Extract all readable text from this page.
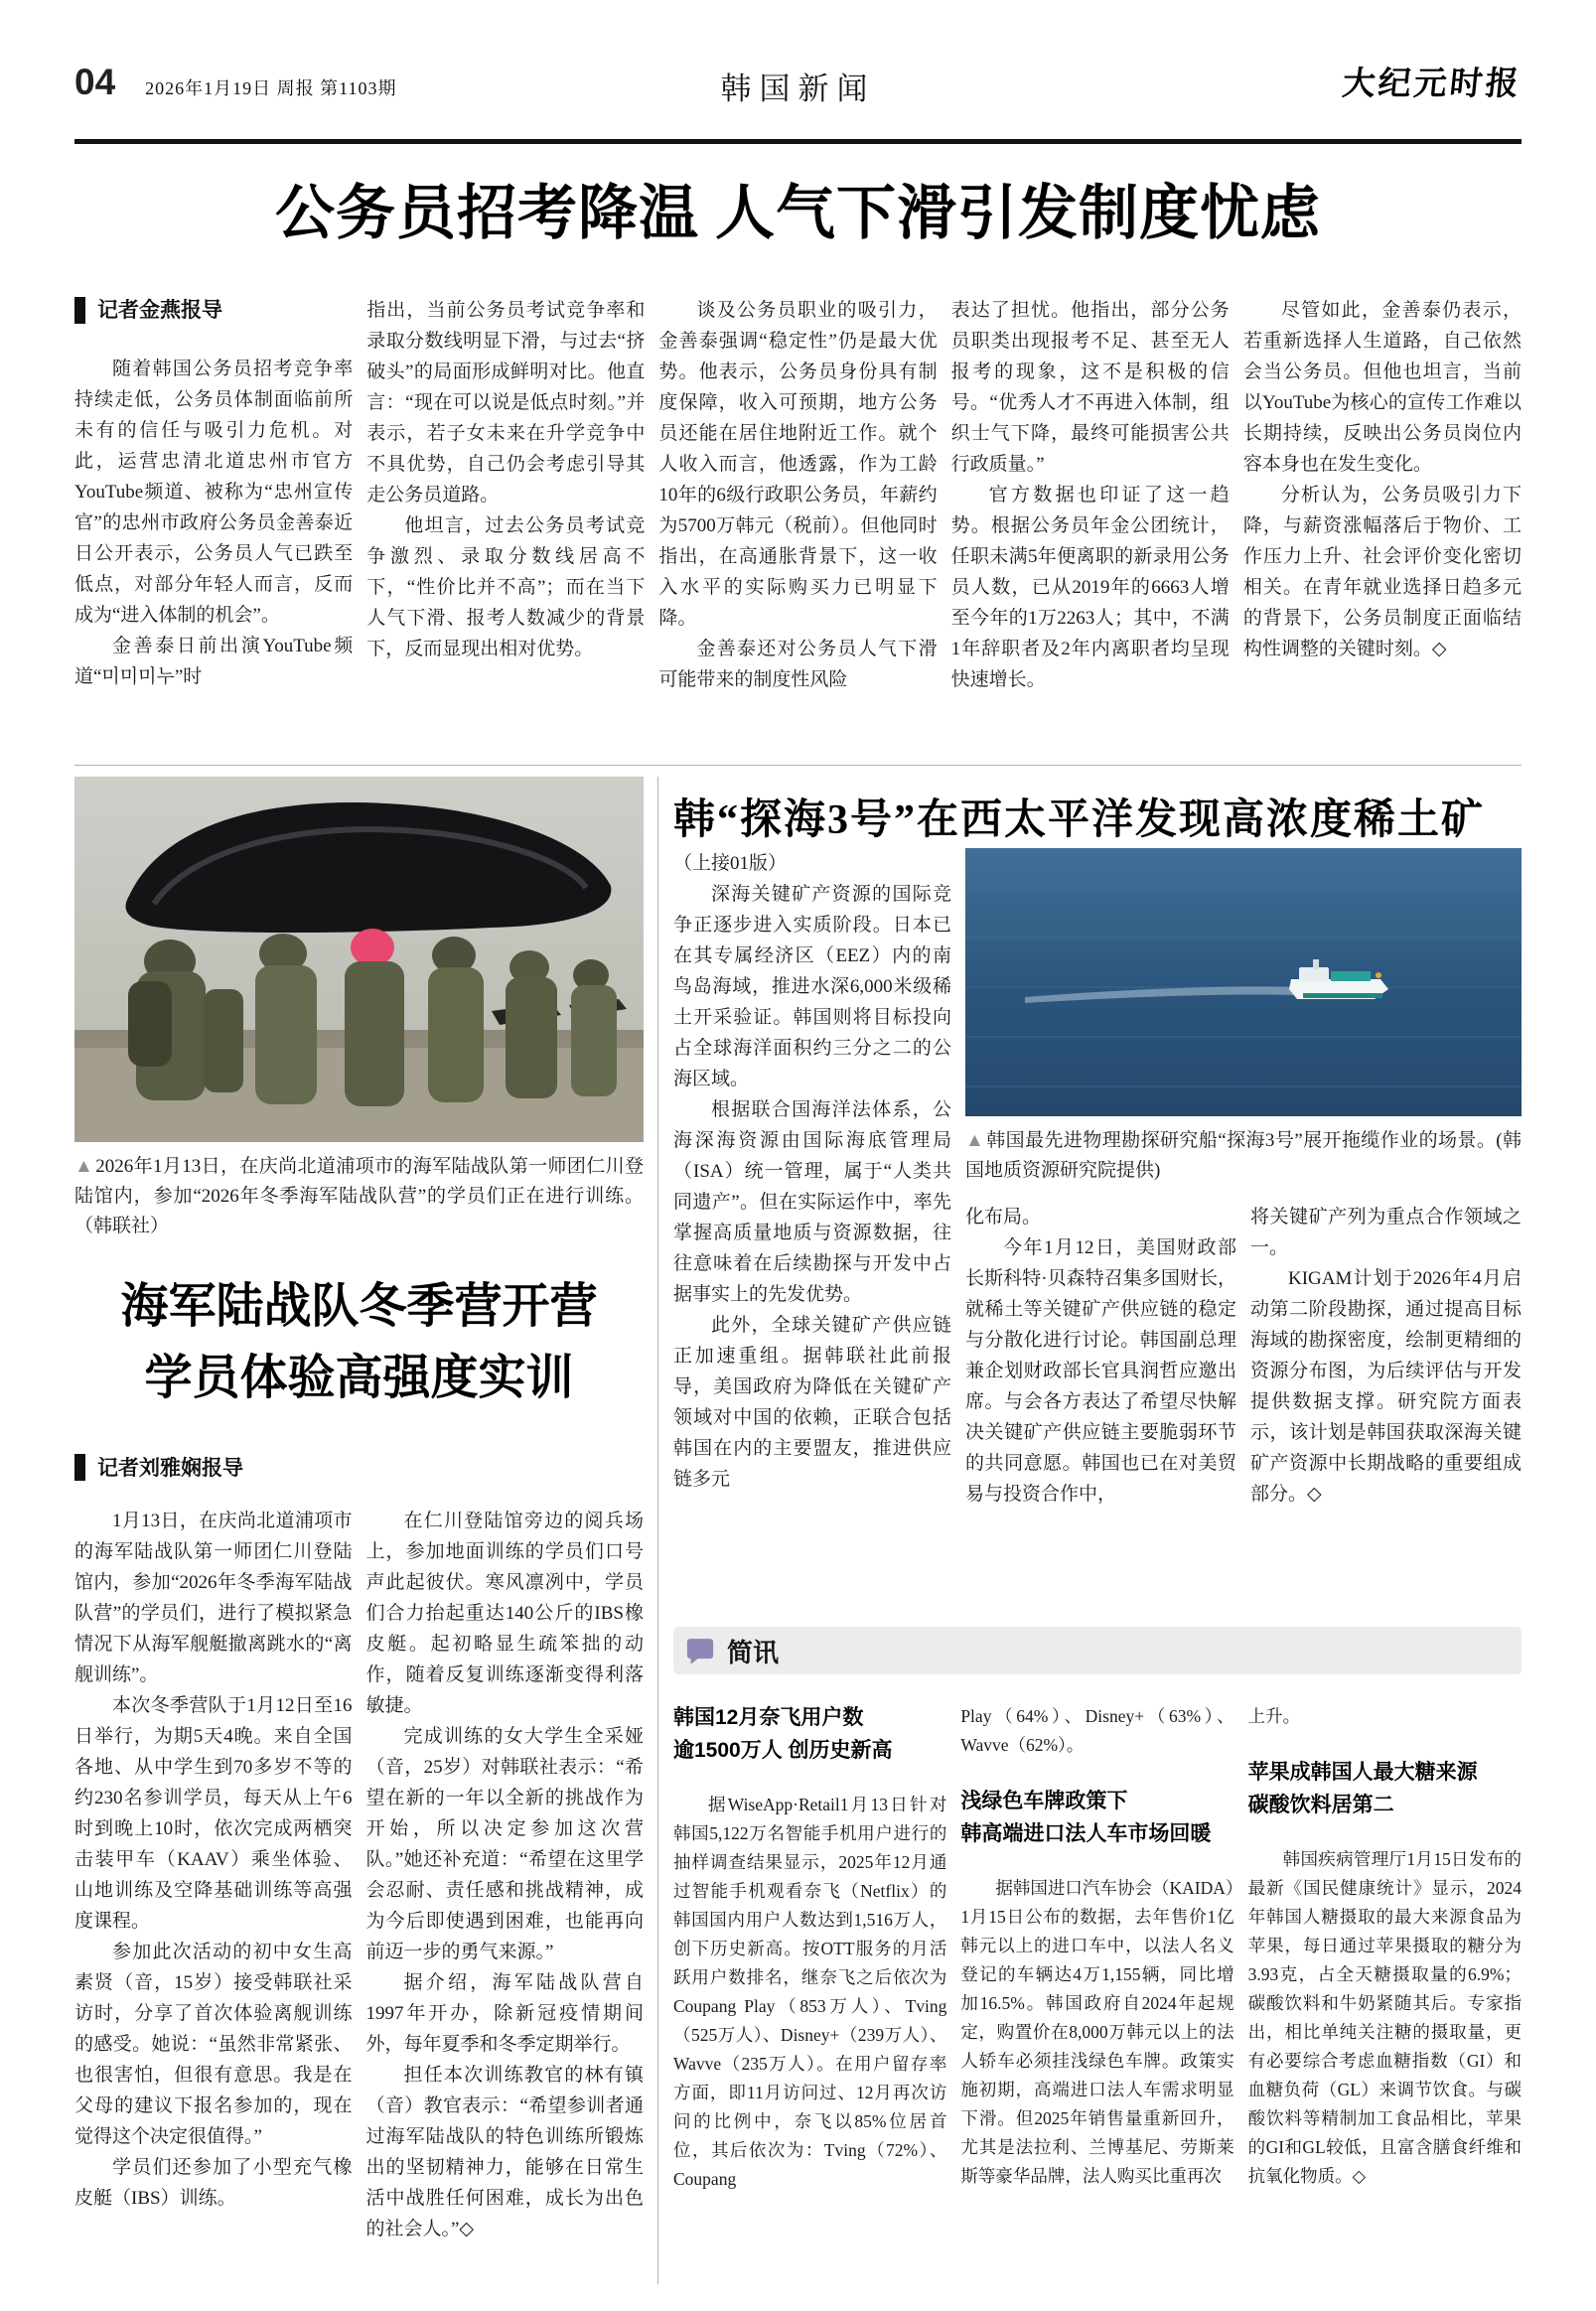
04 2026年1月19日 周报 第1103期	韩国新闻	大纪元时报
公务员招考降温 人气下滑引发制度忧虑
记者金燕报导

随着韩国公务员招考竞争率持续走低，公务员体制面临前所未有的信任与吸引力危机。对此，运营忠清北道忠州市官方YouTube频道、被称为“忠州宣传官”的忠州市政府公务员金善泰近日公开表示，公务员人气已跌至低点，对部分年轻人而言，反而成为“进入体制的机会”。

金善泰日前出演YouTube频道“미미미누”时

指出，当前公务员考试竞争率和录取分数线明显下滑，与过去“挤破头”的局面形成鲜明对比。他直言：“现在可以说是低点时刻。”并表示，若子女未来在升学竞争中不具优势，自己仍会考虑引导其走公务员道路。

他坦言，过去公务员考试竞争激烈、录取分数线居高不下，“性价比并不高”；而在当下人气下滑、报考人数减少的背景下，反而显现出相对优势。

谈及公务员职业的吸引力，金善泰强调“稳定性”仍是最大优势。他表示，公务员身份具有制度保障，收入可预期，地方公务员还能在居住地附近工作。就个人收入而言，他透露，作为工龄10年的6级行政职公务员，年薪约为5700万韩元（税前）。但他同时指出，在高通胀背景下，这一收入水平的实际购买力已明显下降。

金善泰还对公务员人气下滑可能带来的制度性风险

表达了担忧。他指出，部分公务员职类出现报考不足、甚至无人报考的现象，这不是积极的信号。“优秀人才不再进入体制，组织士气下降，最终可能损害公共行政质量。”

官方数据也印证了这一趋势。根据公务员年金公团统计，任职未满5年便离职的新录用公务员人数，已从2019年的6663人增至今年的1万2263人；其中，不满1年辞职者及2年内离职者均呈现快速增长。

尽管如此，金善泰仍表示，若重新选择人生道路，自己依然会当公务员。但他也坦言，当前以YouTube为核心的宣传工作难以长期持续，反映出公务员岗位内容本身也在发生变化。

分析认为，公务员吸引力下降，与薪资涨幅落后于物价、工作压力上升、社会评价变化密切相关。在青年就业选择日趋多元的背景下，公务员制度正面临结构性调整的关键时刻。◇

▲ 2026年1月13日，在庆尚北道浦项市的海军陆战队第一师团仁川登陆馆内，参加“2026年冬季海军陆战队营”的学员们正在进行训练。（韩联社）
海军陆战队冬季营开营
学员体验高强度实训
记者刘雅娴报导

1月13日，在庆尚北道浦项市的海军陆战队第一师团仁川登陆馆内，参加“2026年冬季海军陆战队营”的学员们，进行了模拟紧急情况下从海军舰艇撤离跳水的“离舰训练”。

本次冬季营队于1月12日至16日举行，为期5天4晚。来自全国各地、从中学生到70多岁不等的约230名参训学员，每天从上午6时到晚上10时，依次完成两栖突击装甲车（KAAV）乘坐体验、山地训练及空降基础训练等高强度课程。

参加此次活动的初中女生高素贤（音，15岁）接受韩联社采访时，分享了首次体验离舰训练的感受。她说：“虽然非常紧张、也很害怕，但很有意思。我是在父母的建议下报名参加的，现在觉得这个决定很值得。”

学员们还参加了小型充气橡皮艇（IBS）训练。

在仁川登陆馆旁边的阅兵场上，参加地面训练的学员们口号声此起彼伏。寒风凛冽中，学员们合力抬起重达140公斤的IBS橡皮艇。起初略显生疏笨拙的动作，随着反复训练逐渐变得利落敏捷。

完成训练的女大学生全采娅（音，25岁）对韩联社表示：“希望在新的一年以全新的挑战作为开始，所以决定参加这次营队。”她还补充道：“希望在这里学会忍耐、责任感和挑战精神，成为今后即使遇到困难，也能再向前迈一步的勇气来源。”

据介绍，海军陆战队营自1997年开办，除新冠疫情期间外，每年夏季和冬季定期举行。

担任本次训练教官的林有镇（音）教官表示：“希望参训者通过海军陆战队的特色训练所锻炼出的坚韧精神力，能够在日常生活中战胜任何困难，成长为出色的社会人。”◇

韩“探海3号”在西太平洋发现高浓度稀土矿

（上接01版）

深海关键矿产资源的国际竞争正逐步进入实质阶段。日本已在其专属经济区（EEZ）内的南鸟岛海域，推进水深6,000米级稀土开采验证。韩国则将目标投向占全球海洋面积约三分之二的公海区域。

根据联合国海洋法体系，公海深海资源由国际海底管理局（ISA）统一管理，属于“人类共同遗产”。但在实际运作中，率先掌握高质量地质与资源数据，往往意味着在后续勘探与开发中占据事实上的先发优势。

此外，全球关键矿产供应链正加速重组。据韩联社此前报导，美国政府为降低在关键矿产领域对中国的依赖，正联合包括韩国在内的主要盟友，推进供应链多元

▲ 韩国最先进物理勘探研究船“探海3号”展开拖缆作业的场景。(韩国地质资源研究院提供)

化布局。

今年1月12日，美国财政部长斯科特·贝森特召集多国财长，就稀土等关键矿产供应链的稳定与分散化进行讨论。韩国副总理兼企划财政部长官具润哲应邀出席。与会各方表达了希望尽快解决关键矿产供应链主要脆弱环节的共同意愿。韩国也已在对美贸易与投资合作中，

将关键矿产列为重点合作领域之一。

KIGAM计划于2026年4月启动第二阶段勘探，通过提高目标海域的勘探密度，绘制更精细的资源分布图，为后续评估与开发提供数据支撑。研究院方面表示，该计划是韩国获取深海关键矿产资源中长期战略的重要组成部分。◇

简讯
韩国12月奈飞用户数
逾1500万人 创历史新高

据WiseApp·Retail1月13日针对韩国5,122万名智能手机用户进行的抽样调查结果显示，2025年12月通过智能手机观看奈飞（Netflix）的韩国国内用户人数达到1,516万人，创下历史新高。按OTT服务的月活跃用户数排名，继奈飞之后依次为Coupang Play（853万人）、Tving（525万人）、Disney+（239万人）、Wavve（235万人）。在用户留存率方面，即11月访问过、12月再次访问的比例中，奈飞以85%位居首位，其后依次为：Tving（72%）、Coupang

Play（64%）、Disney+（63%）、Wavve（62%）。

浅绿色车牌政策下
韩高端进口法人车市场回暖

据韩国进口汽车协会（KAIDA）1月15日公布的数据，去年售价1亿韩元以上的进口车中，以法人名义登记的车辆达4万1,155辆，同比增加16.5%。韩国政府自2024年起规定，购置价在8,000万韩元以上的法人轿车必须挂浅绿色车牌。政策实施初期，高端进口法人车需求明显下滑。但2025年销售量重新回升，尤其是法拉利、兰博基尼、劳斯莱斯等豪华品牌，法人购买比重再次

上升。

苹果成韩国人最大糖来源
碳酸饮料居第二

韩国疾病管理厅1月15日发布的最新《国民健康统计》显示，2024年韩国人糖摄取的最大来源食品为苹果，每日通过苹果摄取的糖分为3.93克，占全天糖摄取量的6.9%；碳酸饮料和牛奶紧随其后。专家指出，相比单纯关注糖的摄取量，更有必要综合考虑血糖指数（GI）和血糖负荷（GL）来调节饮食。与碳酸饮料等精制加工食品相比，苹果的GI和GL较低，且富含膳食纤维和抗氧化物质。◇
